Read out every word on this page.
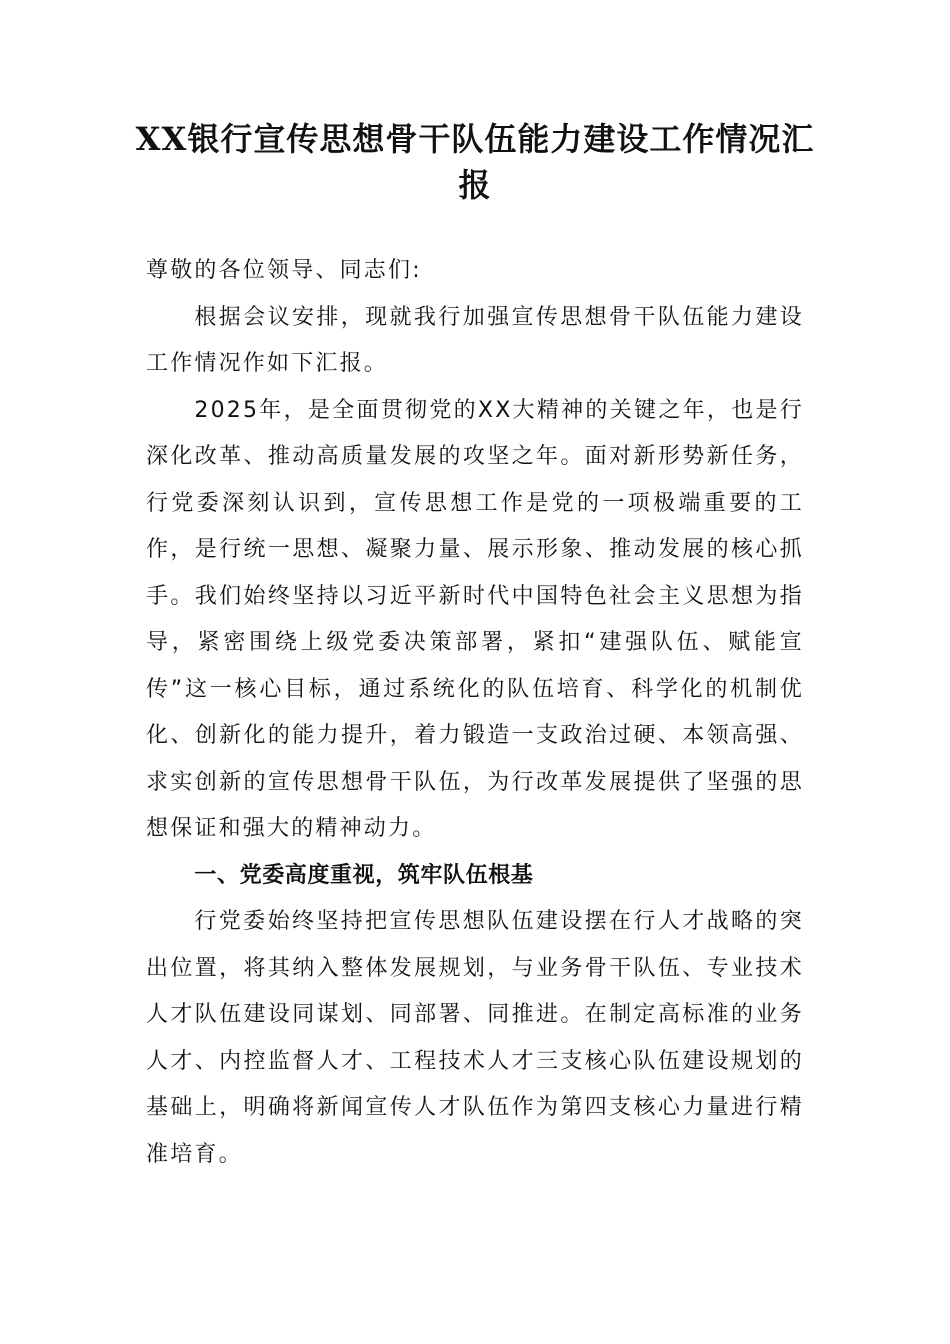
XX银行宣传思想骨干队伍能力建设工作情况汇报

尊敬的各位领导、同志们:

根据会议安排，现就我行加强宣传思想骨干队伍能力建设工作情况作如下汇报。

2025年，是全面贯彻党的XX大精神的关键之年，也是行深化改革、推动高质量发展的攻坚之年。面对新形势新任务，行党委深刻认识到，宣传思想工作是党的一项极端重要的工作，是行统一思想、凝聚力量、展示形象、推动发展的核心抓手。我们始终坚持以习近平新时代中国特色社会主义思想为指导，紧密围绕上级党委决策部署，紧扣“建强队伍、赋能宣传”这一核心目标，通过系统化的队伍培育、科学化的机制优化、创新化的能力提升，着力锻造一支政治过硬、本领高强、求实创新的宣传思想骨干队伍，为行改革发展提供了坚强的思想保证和强大的精神动力。

一、党委高度重视，筑牢队伍根基

行党委始终坚持把宣传思想队伍建设摆在行人才战略的突出位置，将其纳入整体发展规划，与业务骨干队伍、专业技术人才队伍建设同谋划、同部署、同推进。在制定高标准的业务人才、内控监督人才、工程技术人才三支核心队伍建设规划的基础上，明确将新闻宣传人才队伍作为第四支核心力量进行精准培育。
